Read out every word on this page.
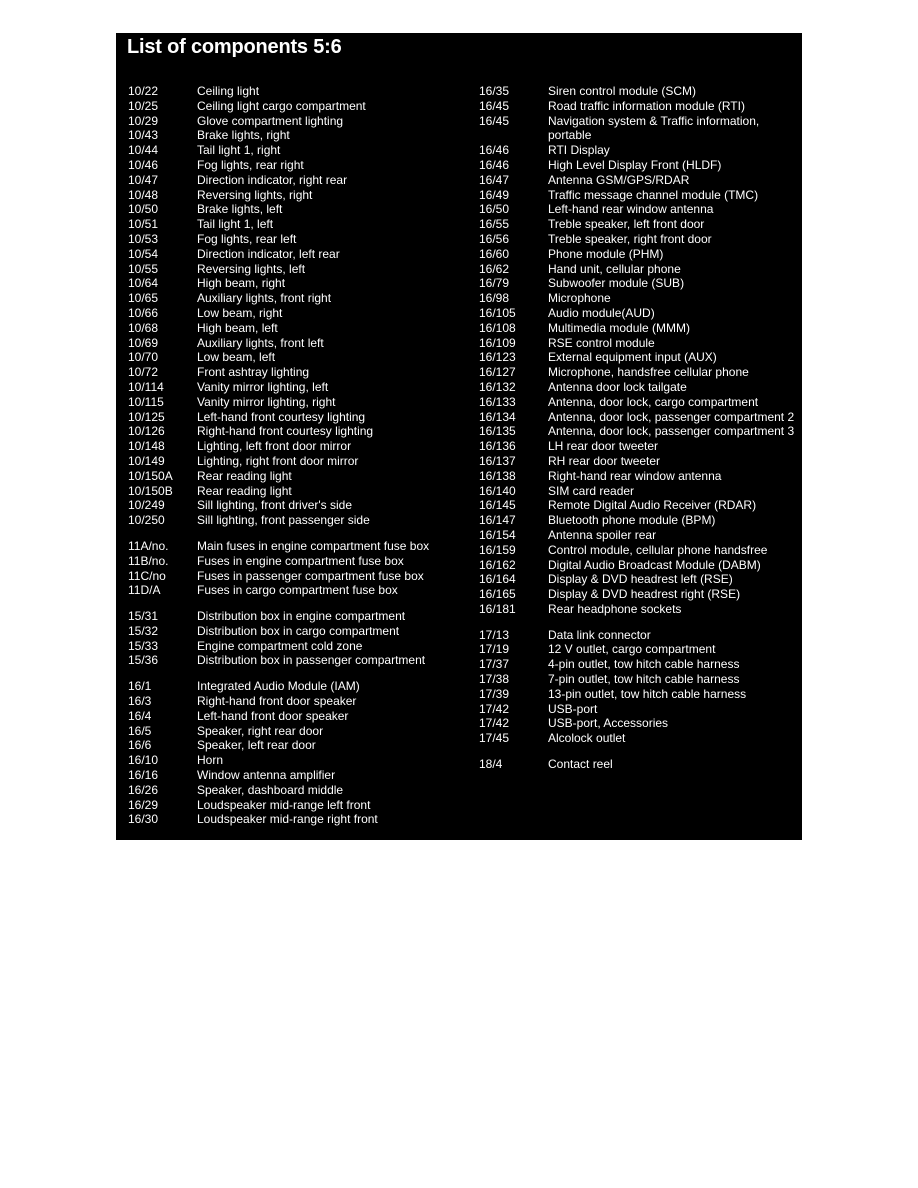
List of components 5:6
10/22	Ceiling light
10/25	Ceiling light cargo compartment
10/29	Glove compartment lighting
10/43	Brake lights, right
10/44	Tail light 1, right
10/46	Fog lights, rear right
10/47	Direction indicator, right rear
10/48	Reversing lights, right
10/50	Brake lights, left
10/51	Tail light 1, left
10/53	Fog lights, rear left
10/54	Direction indicator, left rear
10/55	Reversing lights, left
10/64	High beam, right
10/65	Auxiliary lights, front right
10/66	Low beam, right
10/68	High beam, left
10/69	Auxiliary lights, front left
10/70	Low beam, left
10/72	Front ashtray lighting
10/114	Vanity mirror lighting, left
10/115	Vanity mirror lighting, right
10/125	Left-hand front courtesy lighting
10/126	Right-hand front courtesy lighting
10/148	Lighting, left front door mirror
10/149	Lighting, right front door mirror
10/150A	Rear reading light
10/150B	Rear reading light
10/249	Sill lighting, front driver's side
10/250	Sill lighting, front passenger side
11A/no.	Main fuses in engine compartment fuse box
11B/no.	Fuses in engine compartment fuse box
11C/no	Fuses in passenger compartment fuse box
11D/A	Fuses in cargo compartment fuse box
15/31	Distribution box in engine compartment
15/32	Distribution box in cargo compartment
15/33	Engine compartment cold zone
15/36	Distribution box in passenger compartment
16/1	Integrated Audio Module (IAM)
16/3	Right-hand front door speaker
16/4	Left-hand front door speaker
16/5	Speaker, right rear door
16/6	Speaker, left rear door
16/10	Horn
16/16	Window antenna amplifier
16/26	Speaker, dashboard middle
16/29	Loudspeaker mid-range left front
16/30	Loudspeaker mid-range right front
16/35	Siren control module (SCM)
16/45	Road traffic information module (RTI)
16/45	Navigation system & Traffic information, portable
16/46	RTI Display
16/46	High Level Display Front (HLDF)
16/47	Antenna GSM/GPS/RDAR
16/49	Traffic message channel module (TMC)
16/50	Left-hand rear window antenna
16/55	Treble speaker, left front door
16/56	Treble speaker, right front door
16/60	Phone module (PHM)
16/62	Hand unit, cellular phone
16/79	Subwoofer module (SUB)
16/98	Microphone
16/105	Audio module(AUD)
16/108	Multimedia module (MMM)
16/109	RSE control module
16/123	External equipment input (AUX)
16/127	Microphone, handsfree cellular phone
16/132	Antenna door lock tailgate
16/133	Antenna, door lock, cargo compartment
16/134	Antenna, door lock, passenger compartment 2
16/135	Antenna, door lock, passenger compartment 3
16/136	LH rear door tweeter
16/137	RH rear door tweeter
16/138	Right-hand rear window antenna
16/140	SIM card reader
16/145	Remote Digital Audio Receiver (RDAR)
16/147	Bluetooth phone module (BPM)
16/154	Antenna spoiler rear
16/159	Control module, cellular phone handsfree
16/162	Digital Audio Broadcast Module (DABM)
16/164	Display & DVD headrest left (RSE)
16/165	Display & DVD headrest right (RSE)
16/181	Rear headphone sockets
17/13	Data link connector
17/19	12 V outlet, cargo compartment
17/37	4-pin outlet, tow hitch cable harness
17/38	7-pin outlet, tow hitch cable harness
17/39	13-pin outlet, tow hitch cable harness
17/42	USB-port
17/42	USB-port, Accessories
17/45	Alcolock outlet
18/4	Contact reel
